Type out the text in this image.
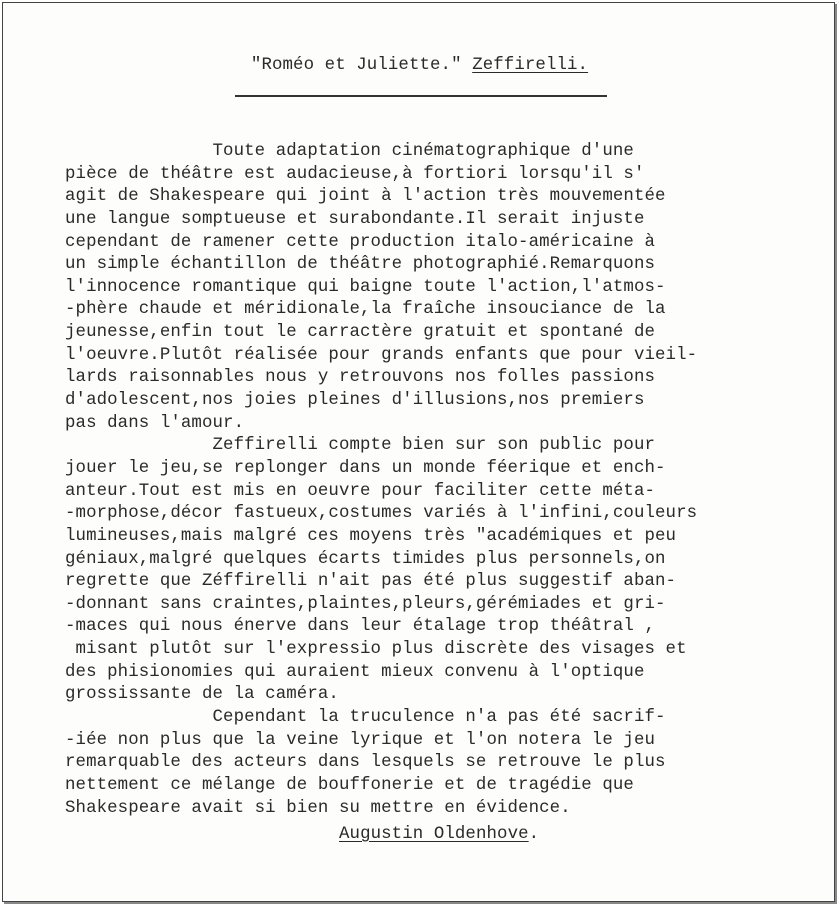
"Roméo et Juliette." Zeffirelli.
Toute adaptation cinématographique d'une
pièce de théâtre est audacieuse,à fortiori lorsqu'il s'
agit de Shakespeare qui joint à l'action très mouvementée
une langue somptueuse et surabondante.Il serait injuste
cependant de ramener cette production italo-américaine à
un simple échantillon de théâtre photographié.Remarquons
l'innocence romantique qui baigne toute l'action,l'atmos-
-phère chaude et méridionale,la fraîche insouciance de la
jeunesse,enfin tout le carractère gratuit et spontané de
l'oeuvre.Plutôt réalisée pour grands enfants que pour vieil-
lards raisonnables nous y retrouvons nos folles passions
d'adolescent,nos joies pleines d'illusions,nos premiers
pas dans l'amour.
Zeffirelli compte bien sur son public pour
jouer le jeu,se replonger dans un monde féerique et ench-
anteur.Tout est mis en oeuvre pour faciliter cette méta-
-morphose,décor fastueux,costumes variés à l'infini,couleurs
lumineuses,mais malgré ces moyens très "académiques et peu
géniaux,malgré quelques écarts timides plus personnels,on
regrette que Zéffirelli n'ait pas été plus suggestif aban-
-donnant sans craintes,plaintes,pleurs,gérémiades et gri-
-maces qui nous énerve dans leur étalage trop théâtral ,
misant plutôt sur l'expressio plus discrète des visages et
des phisionomies qui auraient mieux convenu à l'optique
grossissante de la caméra.
Cependant la truculence n'a pas été sacrif-
-iée non plus que la veine lyrique et l'on notera le jeu
remarquable des acteurs dans lesquels se retrouve le plus
nettement ce mélange de bouffonerie et de tragédie que
Shakespeare avait si bien su mettre en évidence.
Augustin Oldenhove.
